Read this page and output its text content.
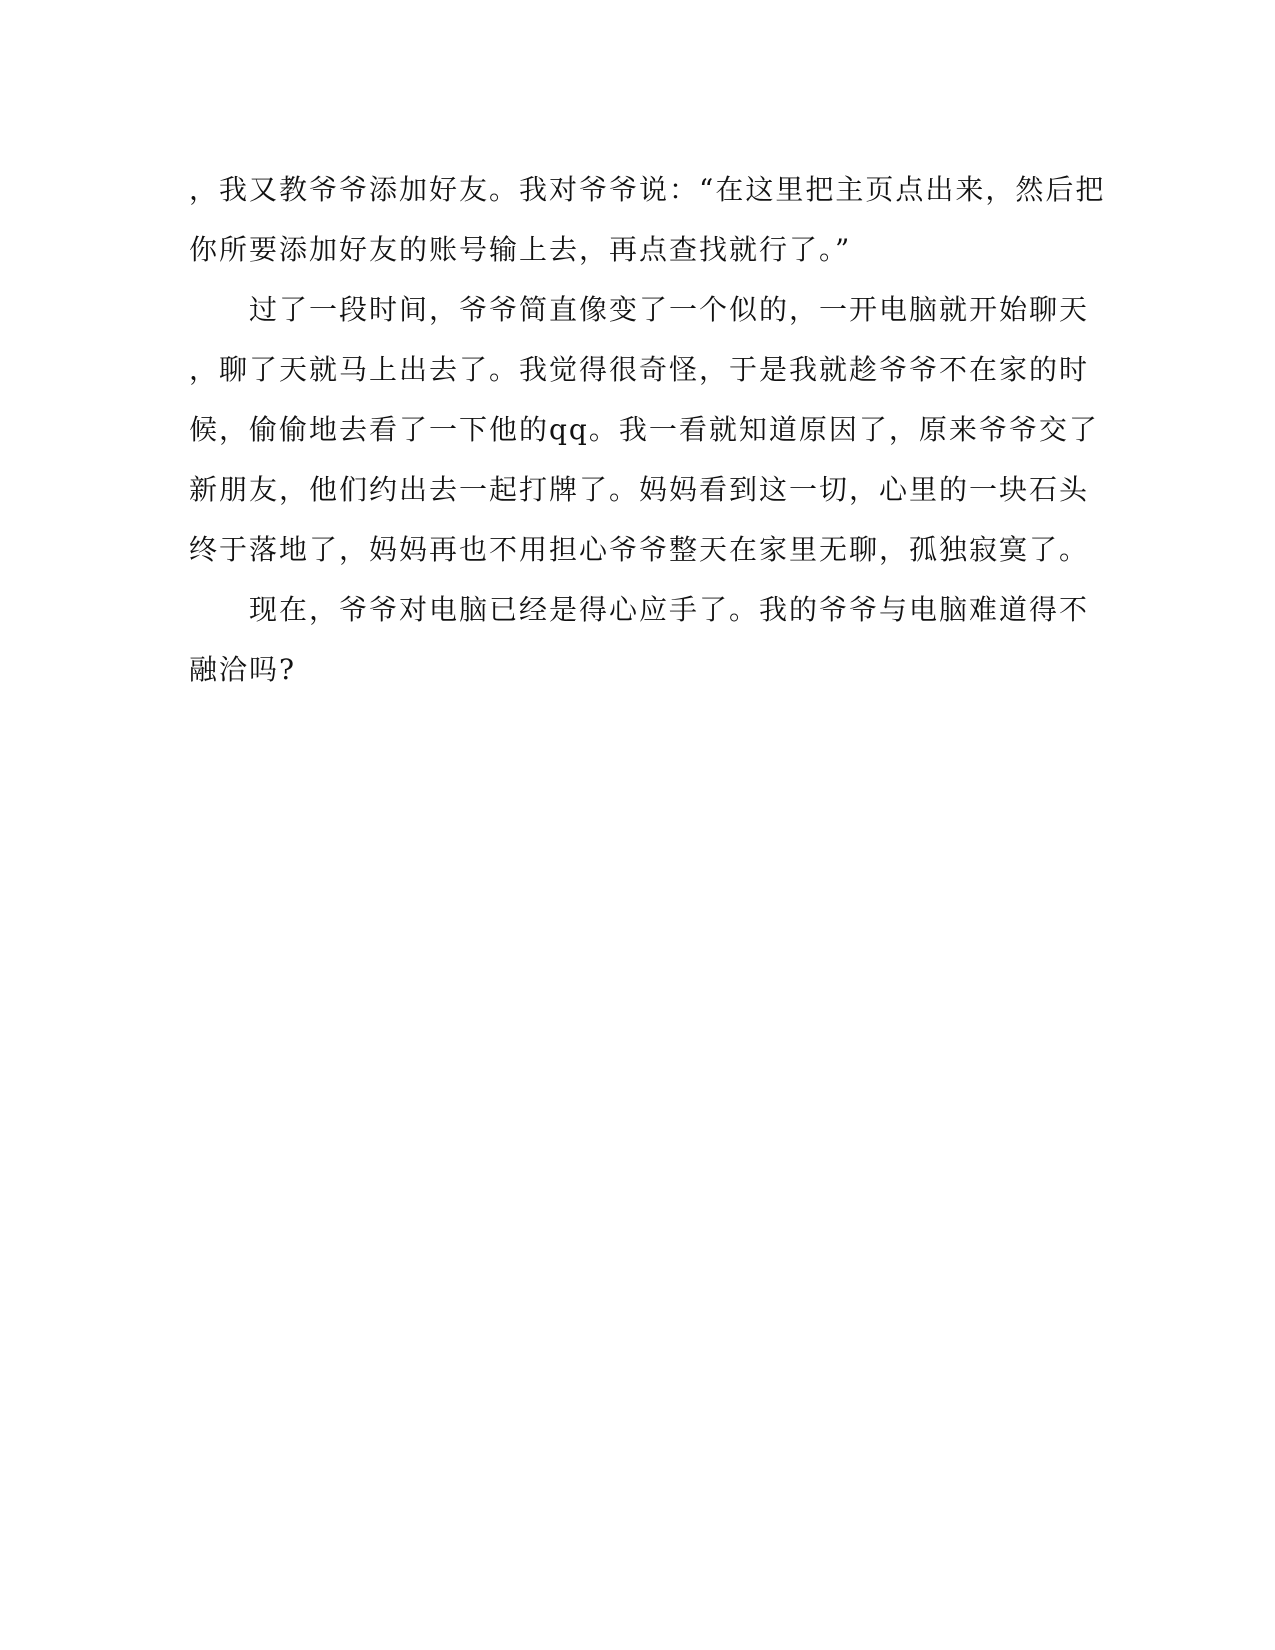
，我又教爷爷添加好友。我对爷爷说：“在这里把主页点出来，然后把
你所要添加好友的账号输上去，再点查找就行了。”
　　过了一段时间，爷爷简直像变了一个似的，一开电脑就开始聊天
，聊了天就马上出去了。我觉得很奇怪，于是我就趁爷爷不在家的时
候，偷偷地去看了一下他的qq。我一看就知道原因了，原来爷爷交了
新朋友，他们约出去一起打牌了。妈妈看到这一切，心里的一块石头
终于落地了，妈妈再也不用担心爷爷整天在家里无聊，孤独寂寞了。
　　现在，爷爷对电脑已经是得心应手了。我的爷爷与电脑难道得不
融洽吗?
